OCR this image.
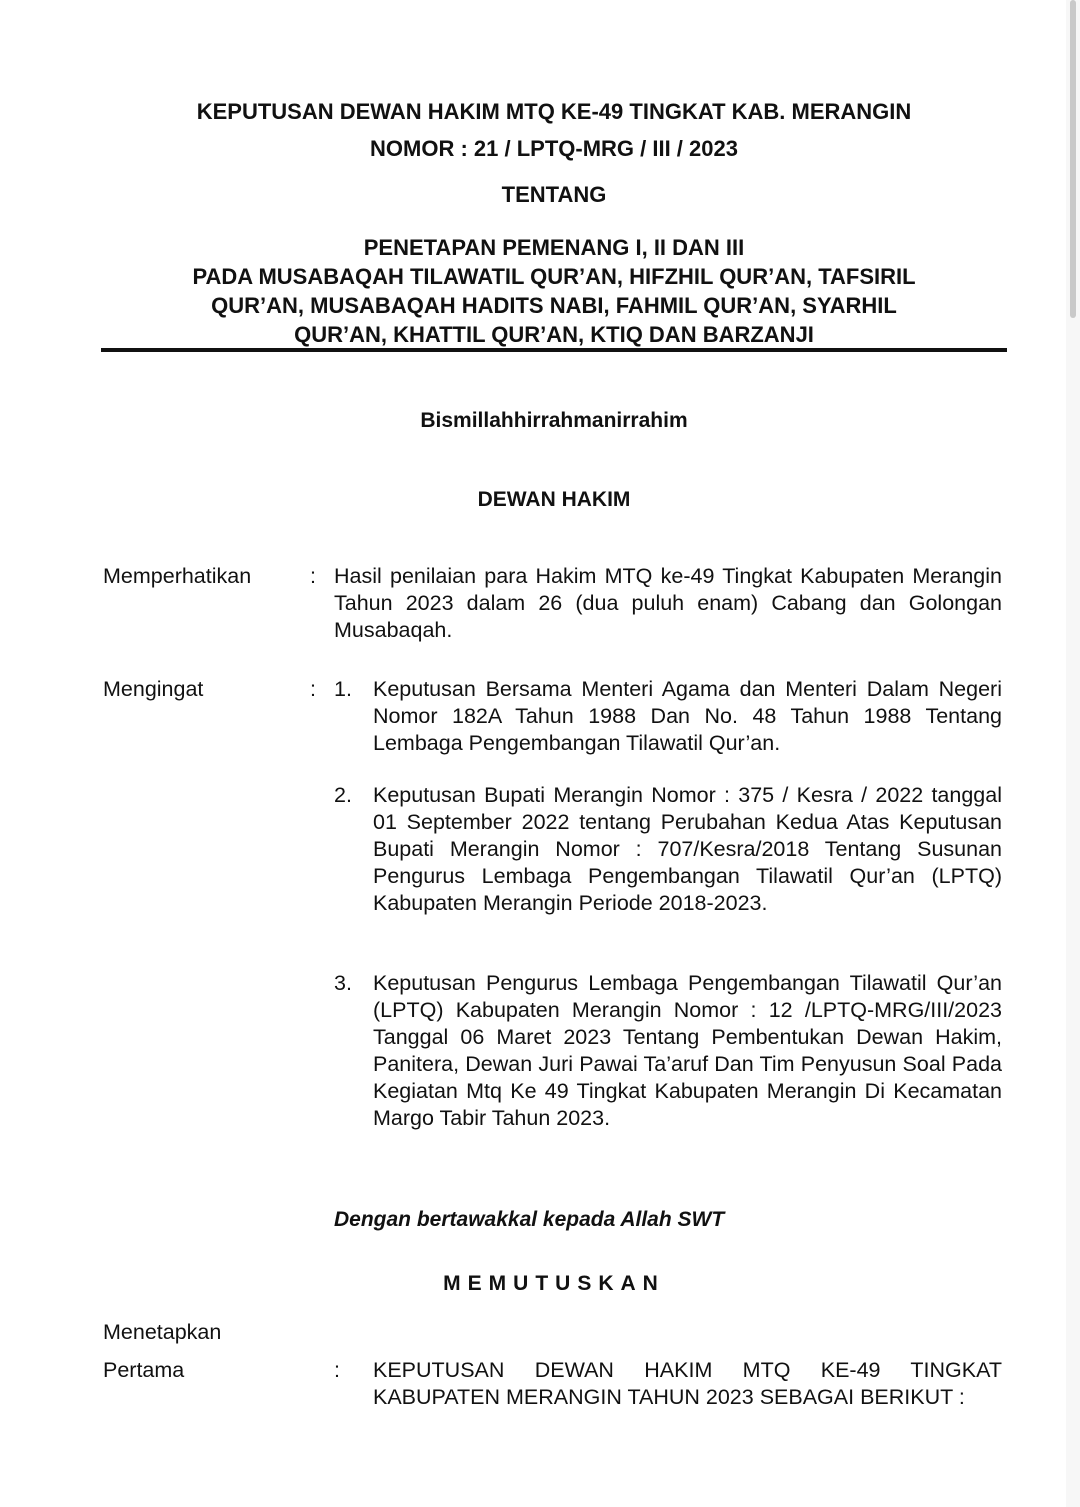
KEPUTUSAN DEWAN HAKIM MTQ KE-49 TINGKAT KAB. MERANGIN
NOMOR : 21 / LPTQ-MRG / III / 2023

TENTANG

PENETAPAN PEMENANG I, II DAN III
PADA MUSABAQAH TILAWATIL QUR’AN, HIFZHIL QUR’AN, TAFSIRIL
QUR’AN, MUSABAQAH HADITS NABI, FAHMIL QUR’AN, SYARHIL
QUR’AN, KHATTIL QUR’AN, KTIQ DAN BARZANJI

Bismillahhirrahmanirrahim

DEWAN HAKIM

Memperhatikan	: Hasil penilaian para Hakim MTQ ke-49 Tingkat Kabupaten Merangin Tahun 2023 dalam 26 (dua puluh enam) Cabang dan Golongan Musabaqah.

Mengingat	: 1. Keputusan Bersama Menteri Agama dan Menteri Dalam Negeri Nomor 182A Tahun 1988 Dan No. 48 Tahun 1988 Tentang Lembaga Pengembangan Tilawatil Qur’an.

2. Keputusan Bupati Merangin Nomor : 375 / Kesra / 2022 tanggal 01 September 2022 tentang Perubahan Kedua Atas Keputusan Bupati Merangin Nomor : 707/Kesra/2018 Tentang Susunan Pengurus Lembaga Pengembangan Tilawatil Qur’an (LPTQ) Kabupaten Merangin Periode 2018-2023.

3. Keputusan Pengurus Lembaga Pengembangan Tilawatil Qur’an (LPTQ) Kabupaten Merangin Nomor : 12 /LPTQ-MRG/III/2023 Tanggal 06 Maret 2023 Tentang Pembentukan Dewan Hakim, Panitera, Dewan Juri Pawai Ta’aruf Dan Tim Penyusun Soal Pada Kegiatan Mtq Ke 49 Tingkat Kabupaten Merangin Di Kecamatan Margo Tabir Tahun 2023.

Dengan bertawakkal kepada Allah SWT

MEMUTUSKAN

Menetapkan

Pertama	: KEPUTUSAN DEWAN HAKIM MTQ KE-49 TINGKAT KABUPATEN MERANGIN TAHUN 2023 SEBAGAI BERIKUT :
